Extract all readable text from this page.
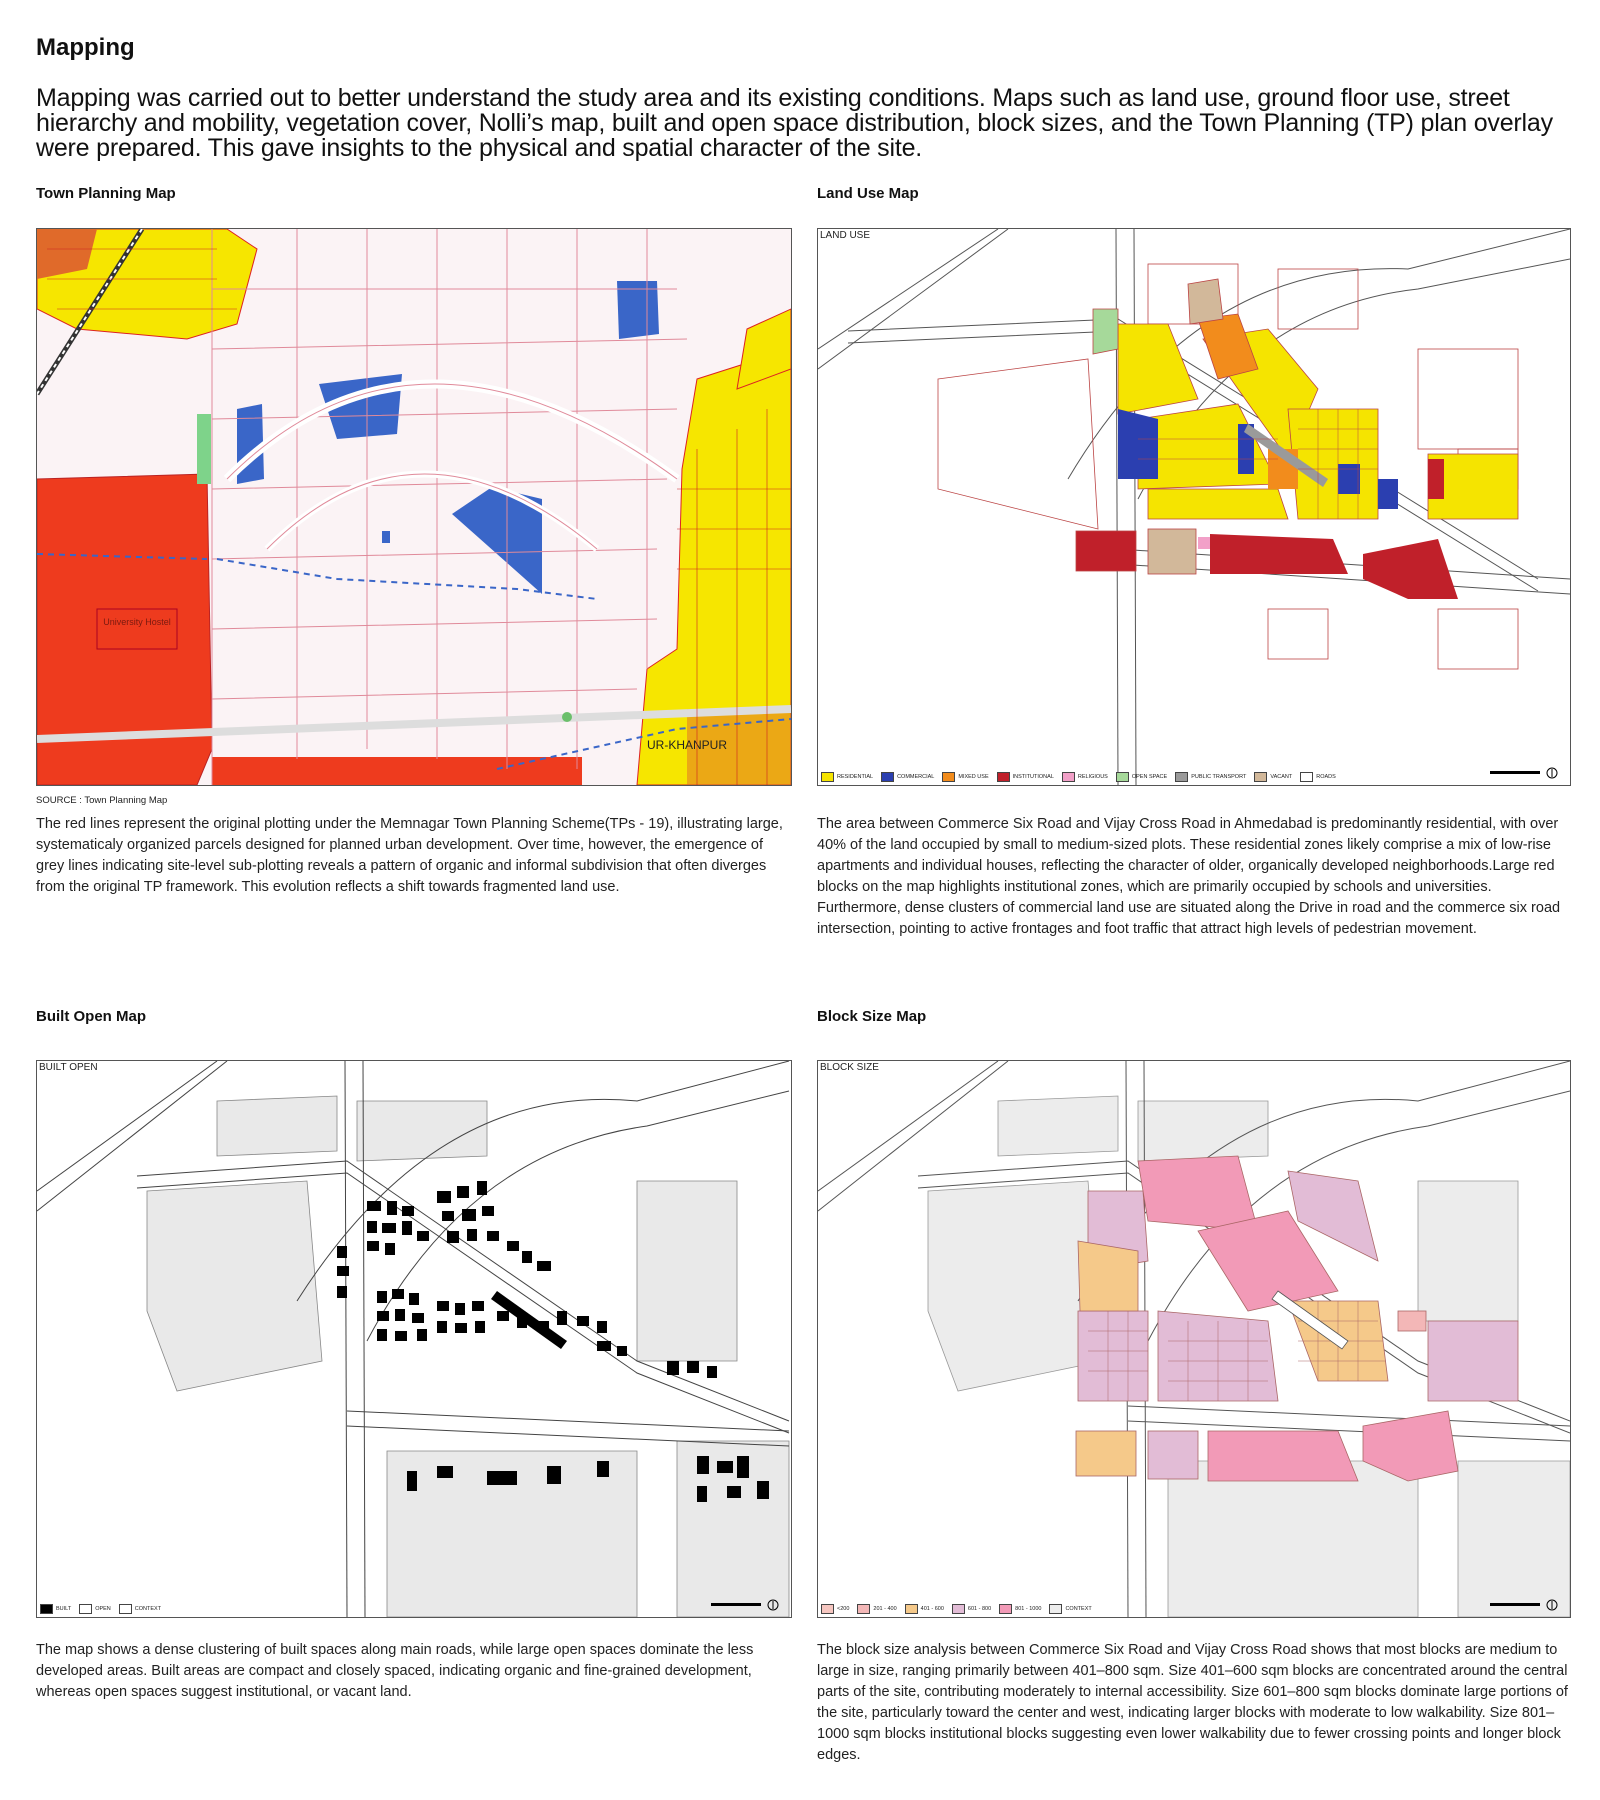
Mapping
Mapping was carried out to better understand the study area and its existing conditions. Maps such as land use, ground floor use, street hierarchy and mobility, vegetation cover, Nolli’s map, built and open space distribution, block sizes, and the Town Planning (TP) plan overlay were prepared. This gave insights to the physical and spatial character of the site.
Town Planning Map
University Hostel
UR-KHANPUR
SOURCE : Town Planning Map
The red lines represent the original plotting under the Memnagar Town Planning Scheme(TPs - 19), illustrating large, systematicaly organized parcels designed for planned urban development. Over time, however, the emergence of grey lines indicating site-level sub-plotting reveals a pattern of organic and informal subdivision that often diverges from the original TP framework. This evolution reflects a shift towards fragmented land use.
Land Use Map
LAND USE
RESIDENTIAL	COMMERCIAL	MIXED USE	INSTITUTIONAL	RELIGIOUS	OPEN SPACE	PUBLIC TRANSPORT	VACANT	ROADS
The area between Commerce Six Road and Vijay Cross Road in Ahmedabad is predominantly residential, with over 40% of the land occupied by small to medium-sized plots. These residential zones likely comprise a mix of low-rise apartments and individual houses, reflecting the character of older, organically developed neighborhoods.Large red blocks on the map highlights institutional zones, which are primarily occupied by schools and universities. Furthermore, dense clusters of commercial land use are situated along the Drive in road and the commerce six road intersection, pointing to active frontages and foot traffic that attract high levels of pedestrian movement.
Built Open Map
BUILT OPEN
BUILT	OPEN	CONTEXT
The map shows a dense clustering of built spaces along main roads, while large open spaces dominate the less developed areas. Built areas are compact and closely spaced, indicating organic and fine-grained development, whereas open spaces suggest institutional, or vacant land.
Block Size Map
BLOCK SIZE
<200	201 - 400	401 - 600	601 - 800	801 - 1000	CONTEXT
The block size analysis between Commerce Six Road and Vijay Cross Road shows that most blocks are medium to large in size, ranging primarily between 401–800 sqm. Size 401–600 sqm blocks are concentrated around the central parts of the site, contributing moderately to internal accessibility. Size 601–800 sqm blocks dominate large portions of the site, particularly toward the center and west, indicating larger blocks with moderate to low walkability. Size 801–1000 sqm blocks institutional blocks suggesting even lower walkability due to fewer crossing points and longer block edges.
